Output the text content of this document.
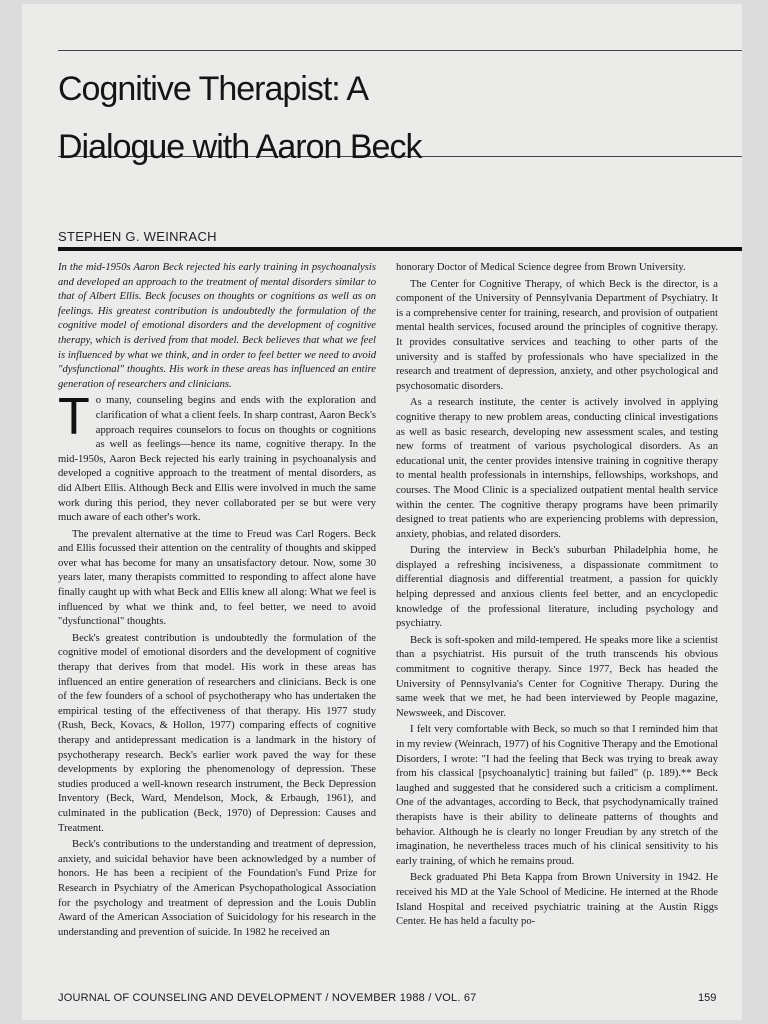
Cognitive Therapist: A
Dialogue with Aaron Beck
STEPHEN G. WEINRACH

In the mid-1950s Aaron Beck rejected his early training in psychoanalysis and developed an approach to the treatment of mental disorders similar to that of Albert Ellis. Beck focuses on thoughts or cognitions as well as on feelings. His greatest contribution is undoubtedly the formulation of the cognitive model of emotional disorders and the development of cognitive therapy, which is derived from that model. Beck believes that what we feel is influenced by what we think, and in order to feel better we need to avoid "dysfunctional" thoughts. His work in these areas has influenced an entire generation of researchers and clinicians.

To many, counseling begins and ends with the exploration and clarification of what a client feels. In sharp contrast, Aaron Beck's approach requires counselors to focus on thoughts or cognitions as well as feelings—hence its name, cognitive therapy. In the mid-1950s, Aaron Beck rejected his early training in psychoanalysis and developed a cognitive approach to the treatment of mental disorders, as did Albert Ellis. Although Beck and Ellis were involved in much the same work during this period, they never collaborated per se but were very much aware of each other's work.

The prevalent alternative at the time to Freud was Carl Rogers. Beck and Ellis focussed their attention on the centrality of thoughts and skipped over what has become for many an unsatisfactory detour. Now, some 30 years later, many therapists committed to responding to affect alone have finally caught up with what Beck and Ellis knew all along: What we feel is influenced by what we think and, to feel better, we need to avoid "dysfunctional" thoughts.

Beck's greatest contribution is undoubtedly the formulation of the cognitive model of emotional disorders and the development of cognitive therapy that derives from that model. His work in these areas has influenced an entire generation of researchers and clinicians. Beck is one of the few founders of a school of psychotherapy who has undertaken the empirical testing of the effectiveness of that therapy. His 1977 study (Rush, Beck, Kovacs, & Hollon, 1977) comparing effects of cognitive therapy and antidepressant medication is a landmark in the history of psychotherapy research. Beck's earlier work paved the way for these developments by exploring the phenomenology of depression. These studies produced a well-known research instrument, the Beck Depression Inventory (Beck, Ward, Mendelson, Mock, & Erbaugh, 1961), and culminated in the publication (Beck, 1970) of Depression: Causes and Treatment.

Beck's contributions to the understanding and treatment of depression, anxiety, and suicidal behavior have been acknowledged by a number of honors. He has been a recipient of the Foundation's Fund Prize for Research in Psychiatry of the American Psychopathological Association for the psychology and treatment of depression and the Louis Dublin Award of the American Association of Suicidology for his research in the understanding and prevention of suicide. In 1982 he received an

honorary Doctor of Medical Science degree from Brown University.

The Center for Cognitive Therapy, of which Beck is the director, is a component of the University of Pennsylvania Department of Psychiatry. It is a comprehensive center for training, research, and provision of outpatient mental health services, focused around the principles of cognitive therapy. It provides consultative services and teaching to other parts of the university and is staffed by professionals who have specialized in the research and treatment of depression, anxiety, and other psychological and psychosomatic disorders.

As a research institute, the center is actively involved in applying cognitive therapy to new problem areas, conducting clinical investigations as well as basic research, developing new assessment scales, and testing new forms of treatment of various psychological disorders. As an educational unit, the center provides intensive training in cognitive therapy to mental health professionals in internships, fellowships, workshops, and courses. The Mood Clinic is a specialized outpatient mental health service within the center. The cognitive therapy programs have been primarily designed to treat patients who are experiencing problems with depression, anxiety, phobias, and related disorders.

During the interview in Beck's suburban Philadelphia home, he displayed a refreshing incisiveness, a dispassionate commitment to differential diagnosis and differential treatment, a passion for quickly helping depressed and anxious clients feel better, and an encyclopedic knowledge of the professional literature, including psychology and psychiatry.

Beck is soft-spoken and mild-tempered. He speaks more like a scientist than a psychiatrist. His pursuit of the truth transcends his obvious commitment to cognitive therapy. Since 1977, Beck has headed the University of Pennsylvania's Center for Cognitive Therapy. During the same week that we met, he had been interviewed by People magazine, Newsweek, and Discover.

I felt very comfortable with Beck, so much so that I reminded him that in my review (Weinrach, 1977) of his Cognitive Therapy and the Emotional Disorders, I wrote: "I had the feeling that Beck was trying to break away from his classical [psychoanalytic] training but failed" (p. 189).** Beck laughed and suggested that he considered such a criticism a compliment. One of the advantages, according to Beck, that psychodynamically trained therapists have is their ability to delineate patterns of thoughts and behavior. Although he is clearly no longer Freudian by any stretch of the imagination, he nevertheless traces much of his clinical sensitivity to his early training, of which he remains proud.

Beck graduated Phi Beta Kappa from Brown University in 1942. He received his MD at the Yale School of Medicine. He interned at the Rhode Island Hospital and received psychiatric training at the Austin Riggs Center. He has held a faculty po-

JOURNAL OF COUNSELING AND DEVELOPMENT / NOVEMBER 1988 / VOL. 67	159
